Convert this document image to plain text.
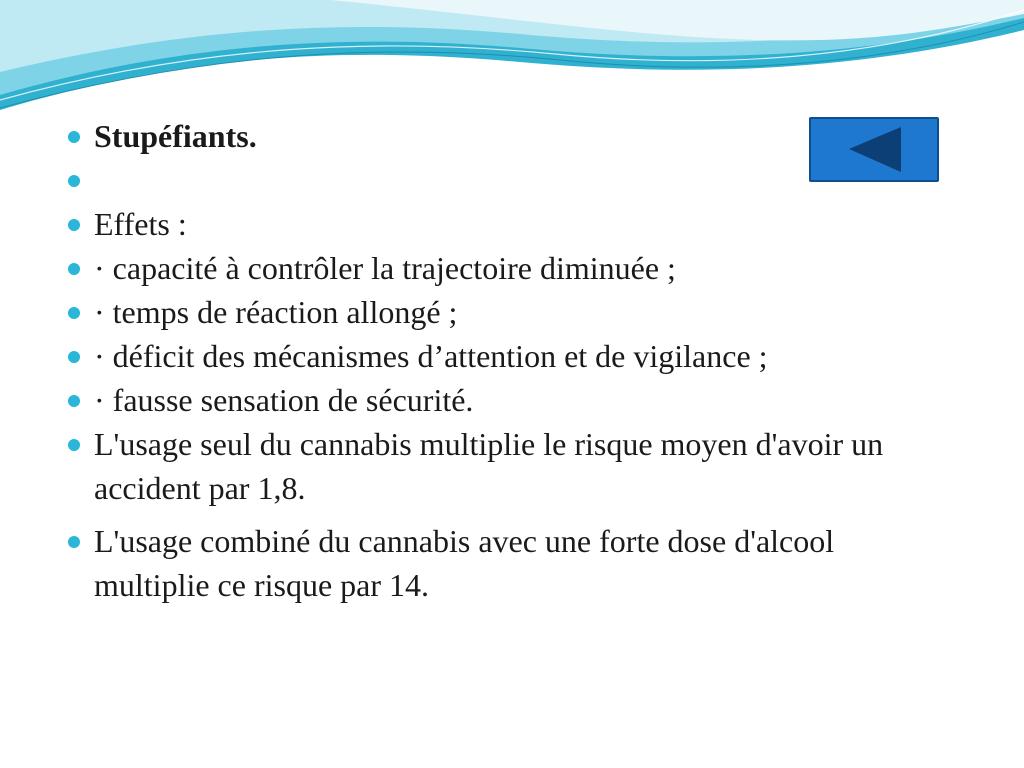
Stupéfiants.
Effets :
· capacité à contrôler la trajectoire diminuée ;
· temps de réaction allongé ;
· déficit des mécanismes d’attention et de vigilance ;
· fausse sensation de sécurité.
L'usage seul du cannabis multiplie le risque moyen d'avoir un accident par 1,8.
L'usage combiné du cannabis avec une forte dose d'alcool multiplie ce risque par 14.
